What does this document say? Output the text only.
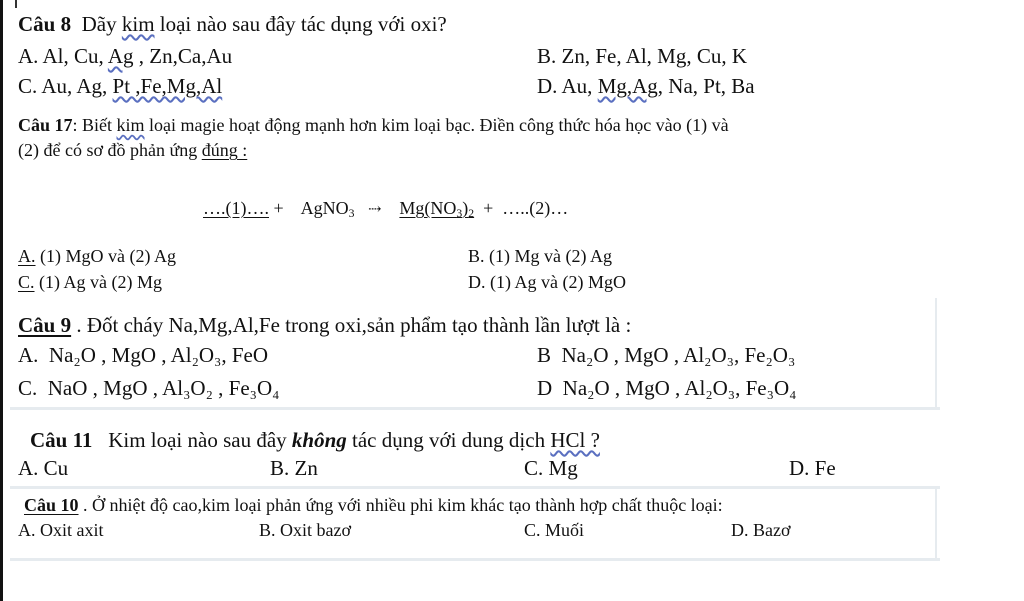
Câu 8 Dãy kim loại nào sau đây tác dụng với oxi?
A. Al, Cu, Ag , Zn,Ca,Au	B. Zn, Fe, Al, Mg, Cu, K
C. Au, Ag, Pt ,Fe,Mg,Al	D. Au, Mg,Ag, Na, Pt, Ba
Câu 17: Biết kim loại magie hoạt động mạnh hơn kim loại bạc. Điền công thức hóa học vào (1) và
(2) để có sơ đồ phản ứng đúng :
….(1)…. + AgNO$_3$ ⇢ $Mg(NO_3)_2$ + …..(2)…
A. (1) MgO và (2) Ag	B. (1) Mg và (2) Ag
C. (1) Ag và (2) Mg	D. (1) Ag và (2) MgO
Câu 9 . Đốt cháy Na,Mg,Al,Fe trong oxi,sản phẩm tạo thành lần lượt là :
A. Na₂O , MgO , Al₂O₃, FeO	B Na₂O , MgO , Al₂O₃, Fe₂O₃
C. NaO , MgO , Al₃O₂ , Fe₃O₄	D Na₂O , MgO , Al₂O₃, Fe₃O₄
Câu 11 Kim loại nào sau đây không tác dụng với dung dịch HCl ?
A. Cu	B. Zn	C. Mg	D. Fe
Câu 10 . Ở nhiệt độ cao,kim loại phản ứng với nhiều phi kim khác tạo thành hợp chất thuộc loại:
A. Oxit axit	B. Oxit bazơ	C. Muối	D. Bazơ
